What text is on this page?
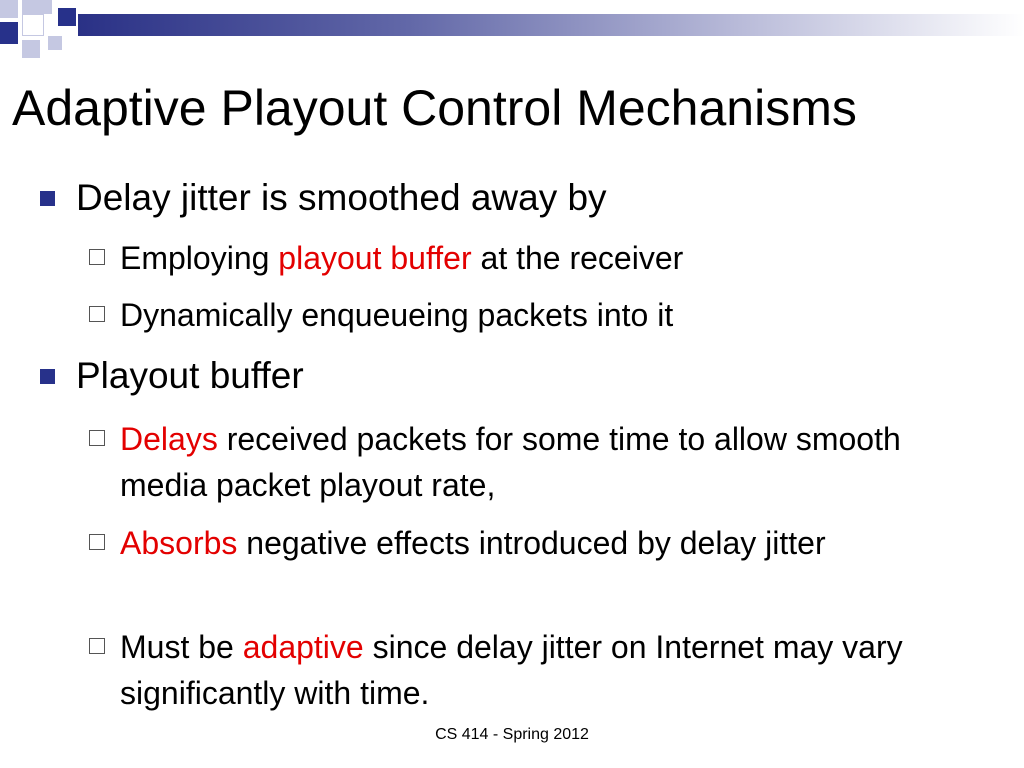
Adaptive Playout Control Mechanisms
Delay jitter is smoothed away by
Employing playout buffer at the receiver
Dynamically enqueueing packets into it
Playout buffer
Delays received packets for some time to allow smooth media packet playout rate,
Absorbs negative effects introduced by delay jitter
Must be adaptive since delay jitter on Internet may vary significantly with time.
CS 414 - Spring 2012
